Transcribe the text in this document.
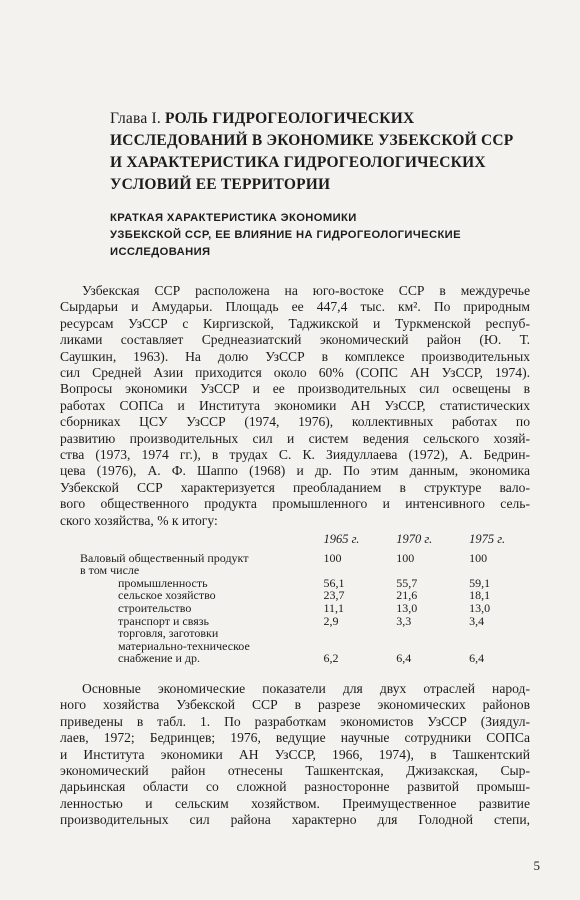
Глава I. РОЛЬ ГИДРОГЕОЛОГИЧЕСКИХ
ИССЛЕДОВАНИЙ В ЭКОНОМИКЕ УЗБЕКСКОЙ ССР
И ХАРАКТЕРИСТИКА ГИДРОГЕОЛОГИЧЕСКИХ
УСЛОВИЙ ЕЕ ТЕРРИТОРИИ
КРАТКАЯ ХАРАКТЕРИСТИКА ЭКОНОМИКИ
УЗБЕКСКОЙ ССР, ЕЕ ВЛИЯНИЕ НА ГИДРОГЕОЛОГИЧЕСКИЕ
ИССЛЕДОВАНИЯ
Узбекская ССР расположена на юго-востоке ССР в междуречье
Сырдарьи и Амударьи. Площадь ее 447,4 тыс. км². По природным
ресурсам УзССР с Киргизской, Таджикской и Туркменской респуб-
ликами составляет Среднеазиатский экономический район (Ю. Т.
Саушкин, 1963). На долю УзССР в комплексе производительных
сил Средней Азии приходится около 60% (СОПС АН УзССР, 1974).
Вопросы экономики УзССР и ее производительных сил освещены в
работах СОПСа и Института экономики АН УзССР, статистических
сборниках ЦСУ УзССР (1974, 1976), коллективных работах по
развитию производительных сил и систем ведения сельского хозяй-
ства (1973, 1974 гг.), в трудах С. К. Зиядуллаева (1972), А. Бедрин-
цева (1976), А. Ф. Шаппо (1968) и др. По этим данным, экономика
Узбекской ССР характеризуется преобладанием в структуре вало-
вого общественного продукта промышленного и интенсивного сель-
ского хозяйства, % к итогу:
	1965 г.	1970 г.	1975 г.
Валовый общественный продукт	100	100	100
в том числе			
промышленность	56,1	55,7	59,1
сельское хозяйство	23,7	21,6	18,1
строительство	11,1	13,0	13,0
транспорт и связь	2,9	3,3	3,4
торговля, заготовки			
материально-техническое			
снабжение и др.	6,2	6,4	6,4
Основные экономические показатели для двух отраслей народ-
ного хозяйства Узбекской ССР в разрезе экономических районов
приведены в табл. 1. По разработкам экономистов УзССР (Зиядул-
лаев, 1972; Бедринцев; 1976, ведущие научные сотрудники СОПСа
и Института экономики АН УзССР, 1966, 1974), в Ташкентский
экономический район отнесены Ташкентская, Джизакская, Сыр-
дарьинская области со сложной разносторонне развитой промыш-
ленностью и сельским хозяйством. Преимущественное развитие
производительных сил района характерно для Голодной степи,
5
